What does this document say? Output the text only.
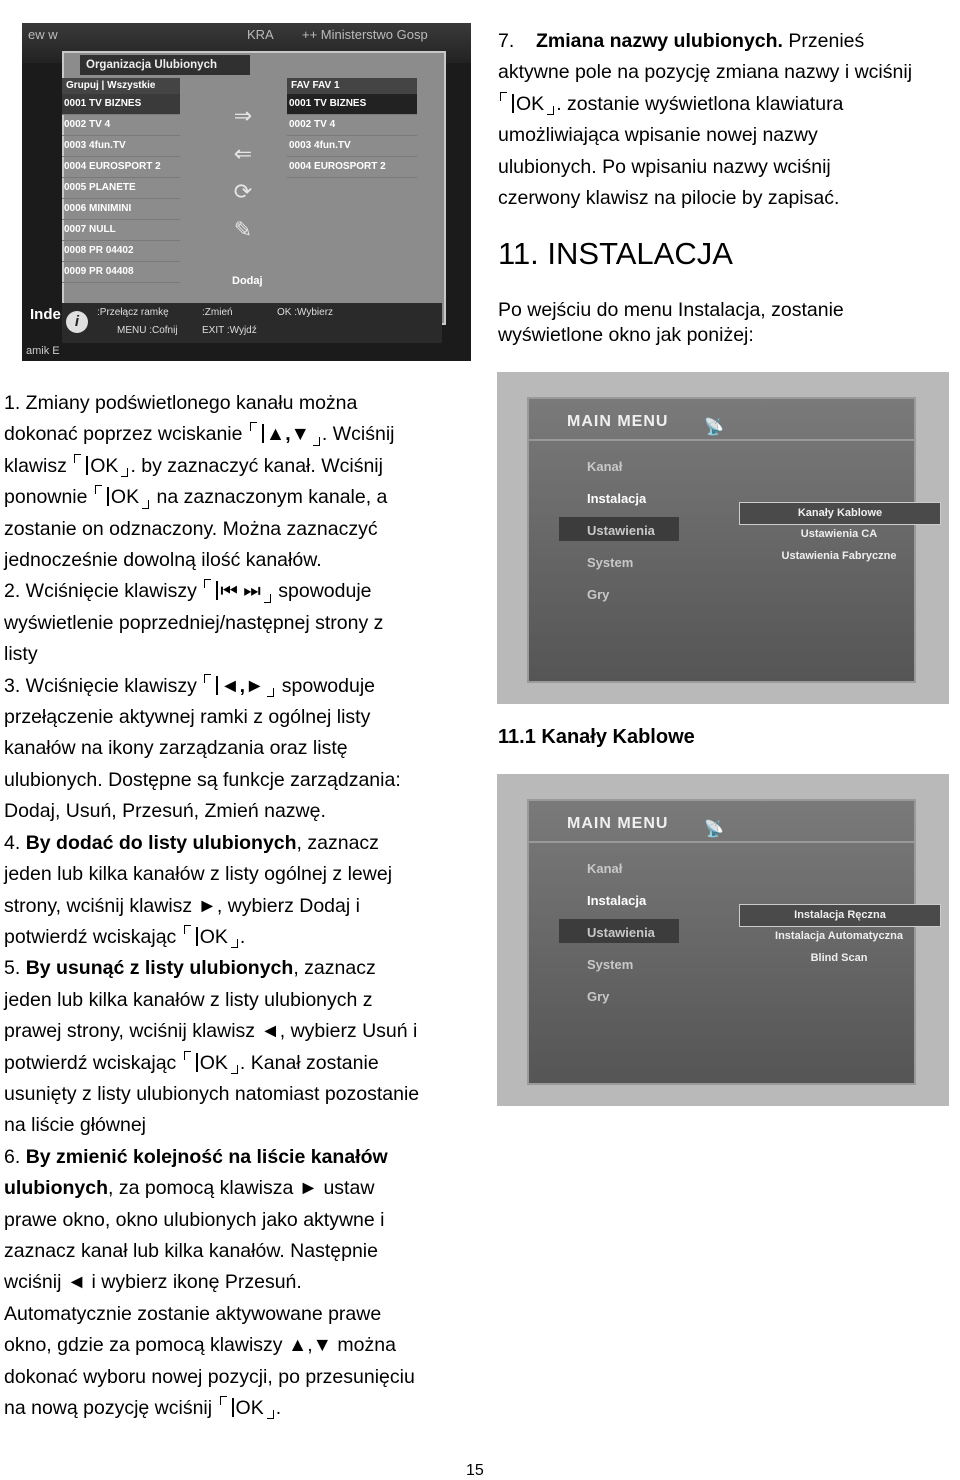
ew w	KRA ++ Ministerstwo Gosp
Organizacja Ulubionych
Grupuj | Wszystkie
0001 TV BIZNES
0002 TV 4
0003 4fun.TV
0004 EUROSPORT 2
0005 PLANETE
0006 MINIMINI
0007 NULL
0008 PR 04402
0009 PR 04408
⇒
⇐
⟳
✎
Dodaj
FAV FAV 1
0001 TV BIZNES
0002 TV 4
0003 4fun.TV
0004 EUROSPORT 2
Inde	:Przełącz ramkę	:Zmień	OK :Wybierz
MENU :Cofnij EXIT :Wyjdź
i
amik E

7. Zmiana nazwy ulubionych. Przenieś

aktywne pole na pozycję zmiana nazwy i wciśnij

OK . zostanie wyświetlona klawiatura

umożliwiająca wpisanie nowej nazwy

ulubionych. Po wpisaniu nazwy wciśnij

czerwony klawisz na pilocie by zapisać.

11. INSTALACJA
Po wejściu do menu Instalacja, zostanie
wyświetlone okno jak poniżej:

1. Zmiany podświetlonego kanału można

dokonać poprzez wciskanie ▲,▼ . Wciśnij

klawisz OK . by zaznaczyć kanał. Wciśnij

ponownie OK na zaznaczonym kanale, a

zostanie on odznaczony. Można zaznaczyć

jednocześnie dowolną ilość kanałów.

2. Wciśnięcie klawiszy ⏮ ⏭ spowoduje

wyświetlenie poprzedniej/następnej strony z

listy

3. Wciśnięcie klawiszy ◄,► spowoduje

przełączenie aktywnej ramki z ogólnej listy

kanałów na ikony zarządzania oraz listę

ulubionych. Dostępne są funkcje zarządzania:

Dodaj, Usuń, Przesuń, Zmień nazwę.

4. By dodać do listy ulubionych, zaznacz

jeden lub kilka kanałów z listy ogólnej z lewej

strony, wciśnij klawisz ►, wybierz Dodaj i

potwierdź wciskając OK .

5. By usunąć z listy ulubionych, zaznacz

jeden lub kilka kanałów z listy ulubionych z

prawej strony, wciśnij klawisz ◄, wybierz Usuń i

potwierdź wciskając OK . Kanał zostanie

usunięty z listy ulubionych natomiast pozostanie

na liście głównej

6. By zmienić kolejność na liście kanałów

ulubionych, za pomocą klawisza ► ustaw

prawe okno, okno ulubionych jako aktywne i

zaznacz kanał lub kilka kanałów. Następnie

wciśnij ◄ i wybierz ikonę Przesuń.

Automatycznie zostanie aktywowane prawe

okno, gdzie za pomocą klawiszy ▲,▼ można

dokonać wyboru nowej pozycji, po przesunięciu

na nową pozycję wciśnij OK .

MAIN MENU 📡
Kanał
Instalacja
Ustawienia
System
Gry
Kanały Kablowe
Ustawienia CA
Ustawienia Fabryczne
11.1 Kanały Kablowe
MAIN MENU 📡
Kanał
Instalacja
Ustawienia
System
Gry
Instalacja Ręczna
Instalacja Automatyczna
Blind Scan
15
